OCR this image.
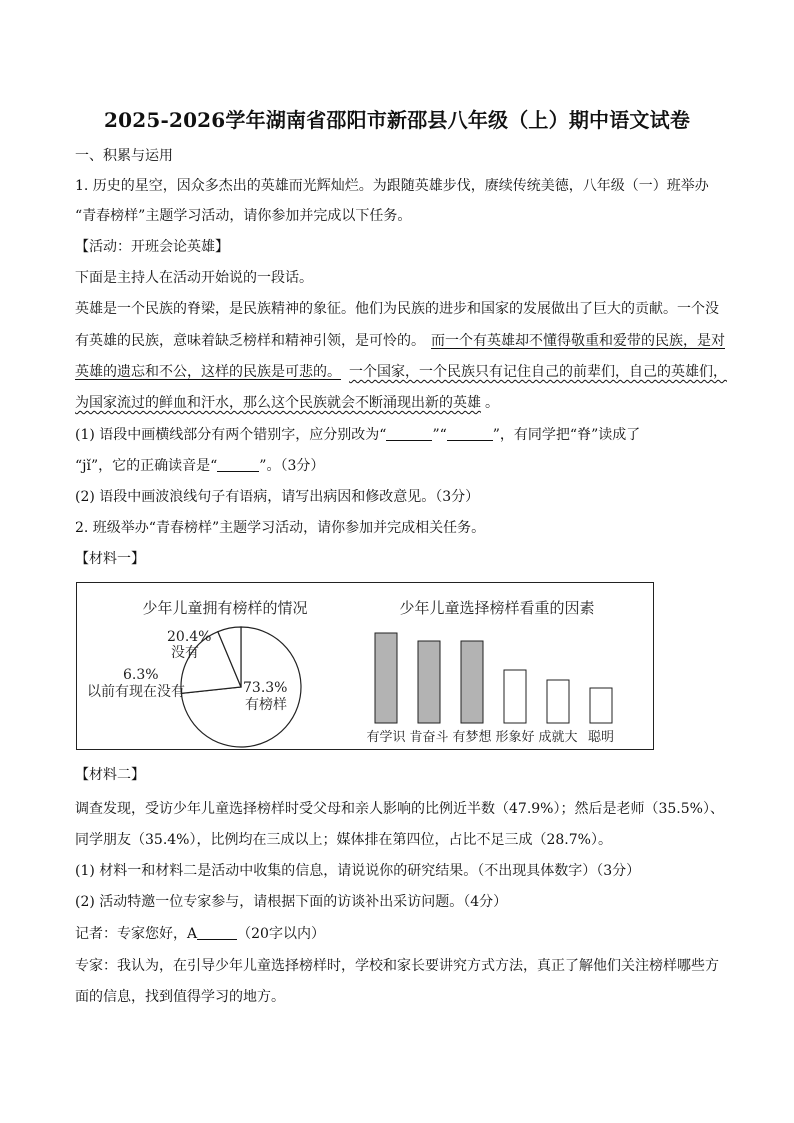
2025-2026学年湖南省邵阳市新邵县八年级（上）期中语文试卷
一、积累与运用
1. 历史的星空，因众多杰出的英雄而光辉灿烂。为跟随英雄步伐，赓续传统美德，八年级（一）班举办
“青春榜样”主题学习活动，请你参加并完成以下任务。
【活动：开班会论英雄】
下面是主持人在活动开始说的一段话。
英雄是一个民族的脊梁，是民族精神的象征。他们为民族的进步和国家的发展做出了巨大的贡献。一个没
有英雄的民族，意味着缺乏榜样和精神引领，是可怜的。 而一个有英雄却不懂得敬重和爱带的民族，是对
英雄的遗忘和不公，这样的民族是可悲的。 一个国家，一个民族只有记住自己的前辈们，自己的英雄们，
为国家流过的鲜血和汗水，那么这个民族就会不断涌现出新的英雄 。
(1) 语段中画横线部分有两个错别字，应分别改为“	”“	”，有同学把“脊”读成了
“jǐ”，它的正确读音是“	”。（3分）
(2) 语段中画波浪线句子有语病，请写出病因和修改意见。（3分）
2. 班级举办“青春榜样”主题学习活动，请你参加并完成相关任务。
【材料一】
少年儿童拥有榜样的情况
73.3%
有榜样
20.4%
没有
6.3%
以前有现在没有
少年儿童选择榜样看重的因素
有学识 肯奋斗 有梦想 形象好 成就大 聪明
【材料二】
调查发现，受访少年儿童选择榜样时受父母和亲人影响的比例近半数（47.9%）；然后是老师（35.5%）、
同学朋友（35.4%），比例均在三成以上；媒体排在第四位，占比不足三成（28.7%）。
(1) 材料一和材料二是活动中收集的信息，请说说你的研究结果。（不出现具体数字）（3分）
(2) 活动特邀一位专家参与，请根据下面的访谈补出采访问题。（4分）
记者：专家您好，A	（20字以内）
专家：我认为，在引导少年儿童选择榜样时，学校和家长要讲究方式方法，真正了解他们关注榜样哪些方
面的信息，找到值得学习的地方。
